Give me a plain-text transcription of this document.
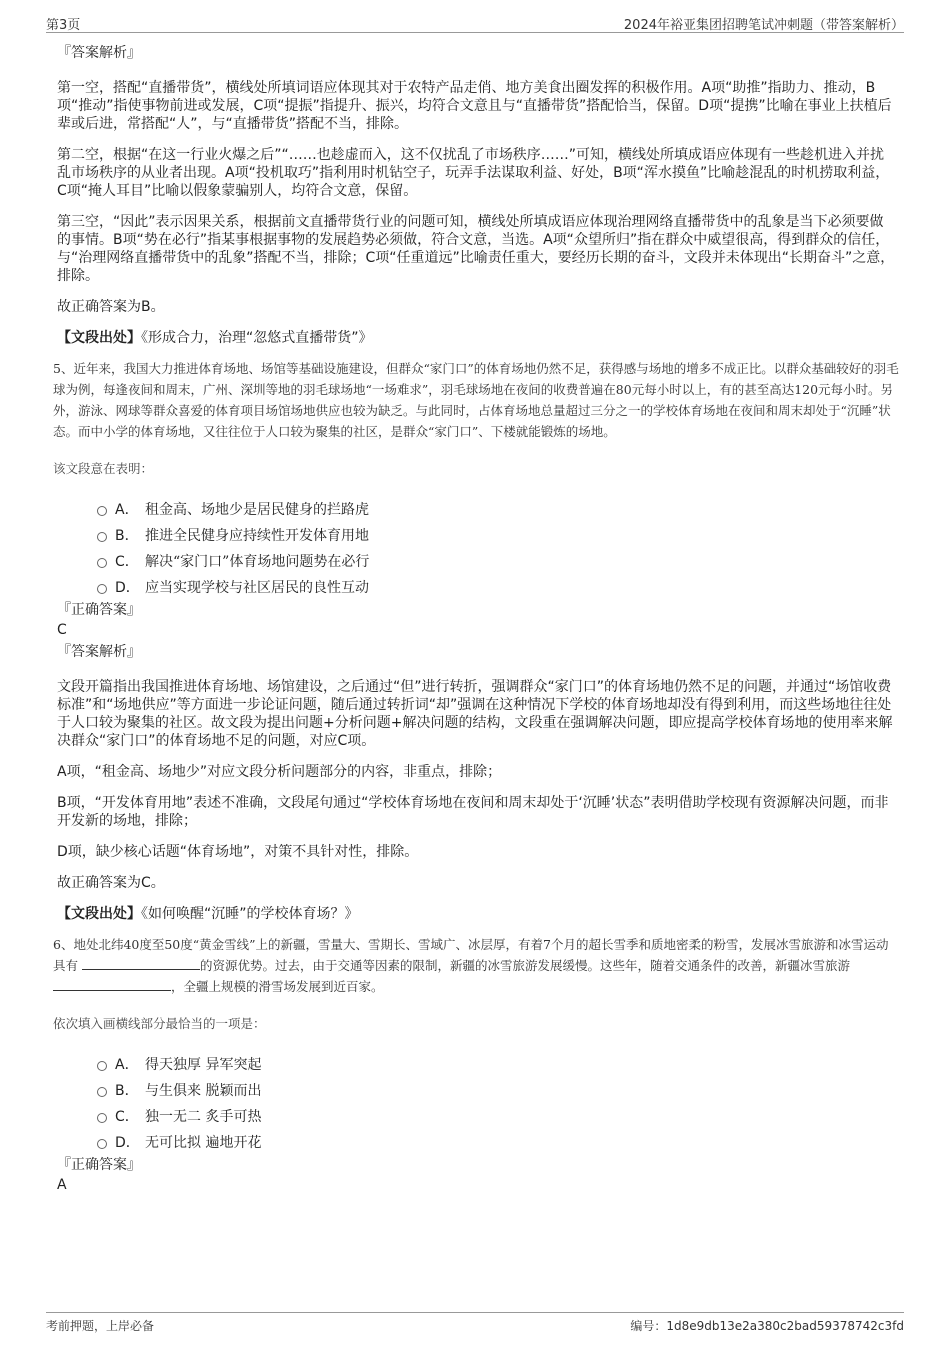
第3页	2024年裕亚集团招聘笔试冲刺题（带答案解析）
『答案解析』

第一空，搭配“直播带货”，横线处所填词语应体现其对于农特产品走俏、地方美食出圈发挥的积极作用。A项“助推”指助力、推动，B项“推动”指使事物前进或发展，C项“提振”指提升、振兴，均符合文意且与“直播带货”搭配恰当，保留。D项“提携”比喻在事业上扶植后辈或后进，常搭配“人”，与“直播带货”搭配不当，排除。

第二空，根据“在这一行业火爆之后”“……也趁虚而入，这不仅扰乱了市场秩序……”可知，横线处所填成语应体现有一些趁机进入并扰乱市场秩序的从业者出现。A项“投机取巧”指利用时机钻空子，玩弄手法谋取利益、好处，B项“浑水摸鱼”比喻趁混乱的时机捞取利益，C项“掩人耳目”比喻以假象蒙骗别人，均符合文意，保留。

第三空，“因此”表示因果关系，根据前文直播带货行业的问题可知，横线处所填成语应体现治理网络直播带货中的乱象是当下必须要做的事情。B项“势在必行”指某事根据事物的发展趋势必须做，符合文意，当选。A项“众望所归”指在群众中威望很高，得到群众的信任，与“治理网络直播带货中的乱象”搭配不当，排除；C项“任重道远”比喻责任重大，要经历长期的奋斗，文段并未体现出“长期奋斗”之意，排除。

故正确答案为B。

【文段出处】《形成合力，治理“忽悠式直播带货”》

5、近年来，我国大力推进体育场地、场馆等基础设施建设，但群众“家门口”的体育场地仍然不足，获得感与场地的增多不成正比。以群众基础较好的羽毛球为例，每逢夜间和周末，广州、深圳等地的羽毛球场地“一场难求”，羽毛球场地在夜间的收费普遍在80元每小时以上，有的甚至高达120元每小时。另外，游泳、网球等群众喜爱的体育项目场馆场地供应也较为缺乏。与此同时，占体育场地总量超过三分之一的学校体育场地在夜间和周末却处于“沉睡”状态。而中小学的体育场地，又往往位于人口较为聚集的社区，是群众“家门口”、下楼就能锻炼的场地。
该文段意在表明：
A． 租金高、场地少是居民健身的拦路虎
B． 推进全民健身应持续性开发体育用地
C． 解决“家门口”体育场地问题势在必行
D． 应当实现学校与社区居民的良性互动
『正确答案』
C
『答案解析』

文段开篇指出我国推进体育场地、场馆建设，之后通过“但”进行转折，强调群众“家门口”的体育场地仍然不足的问题，并通过“场馆收费标准”和“场地供应”等方面进一步论证问题，随后通过转折词“却”强调在这种情况下学校的体育场地却没有得到利用，而这些场地往往处于人口较为聚集的社区。故文段为提出问题+分析问题+解决问题的结构，文段重在强调解决问题，即应提高学校体育场地的使用率来解决群众“家门口”的体育场地不足的问题，对应C项。

A项，“租金高、场地少”对应文段分析问题部分的内容，非重点，排除；

B项，“开发体育用地”表述不准确，文段尾句通过“学校体育场地在夜间和周末却处于‘沉睡’状态”表明借助学校现有资源解决问题，而非开发新的场地，排除；

D项，缺少核心话题“体育场地”，对策不具针对性，排除。

故正确答案为C。

【文段出处】《如何唤醒“沉睡”的学校体育场？》

6、地处北纬40度至50度“黄金雪线”上的新疆，雪量大、雪期长、雪域广、冰层厚，有着7个月的超长雪季和质地密柔的粉雪，发展冰雪旅游和冰雪运动具有	的资源优势。过去，由于交通等因素的限制，新疆的冰雪旅游发展缓慢。这些年，随着交通条件的改善，新疆冰雪旅游 ，全疆上规模的滑雪场发展到近百家。
依次填入画横线部分最恰当的一项是：
A． 得天独厚 异军突起
B． 与生俱来 脱颖而出
C． 独一无二 炙手可热
D． 无可比拟 遍地开花
『正确答案』
A
考前押题，上岸必备	编号：1d8e9db13e2a380c2bad59378742c3fd
